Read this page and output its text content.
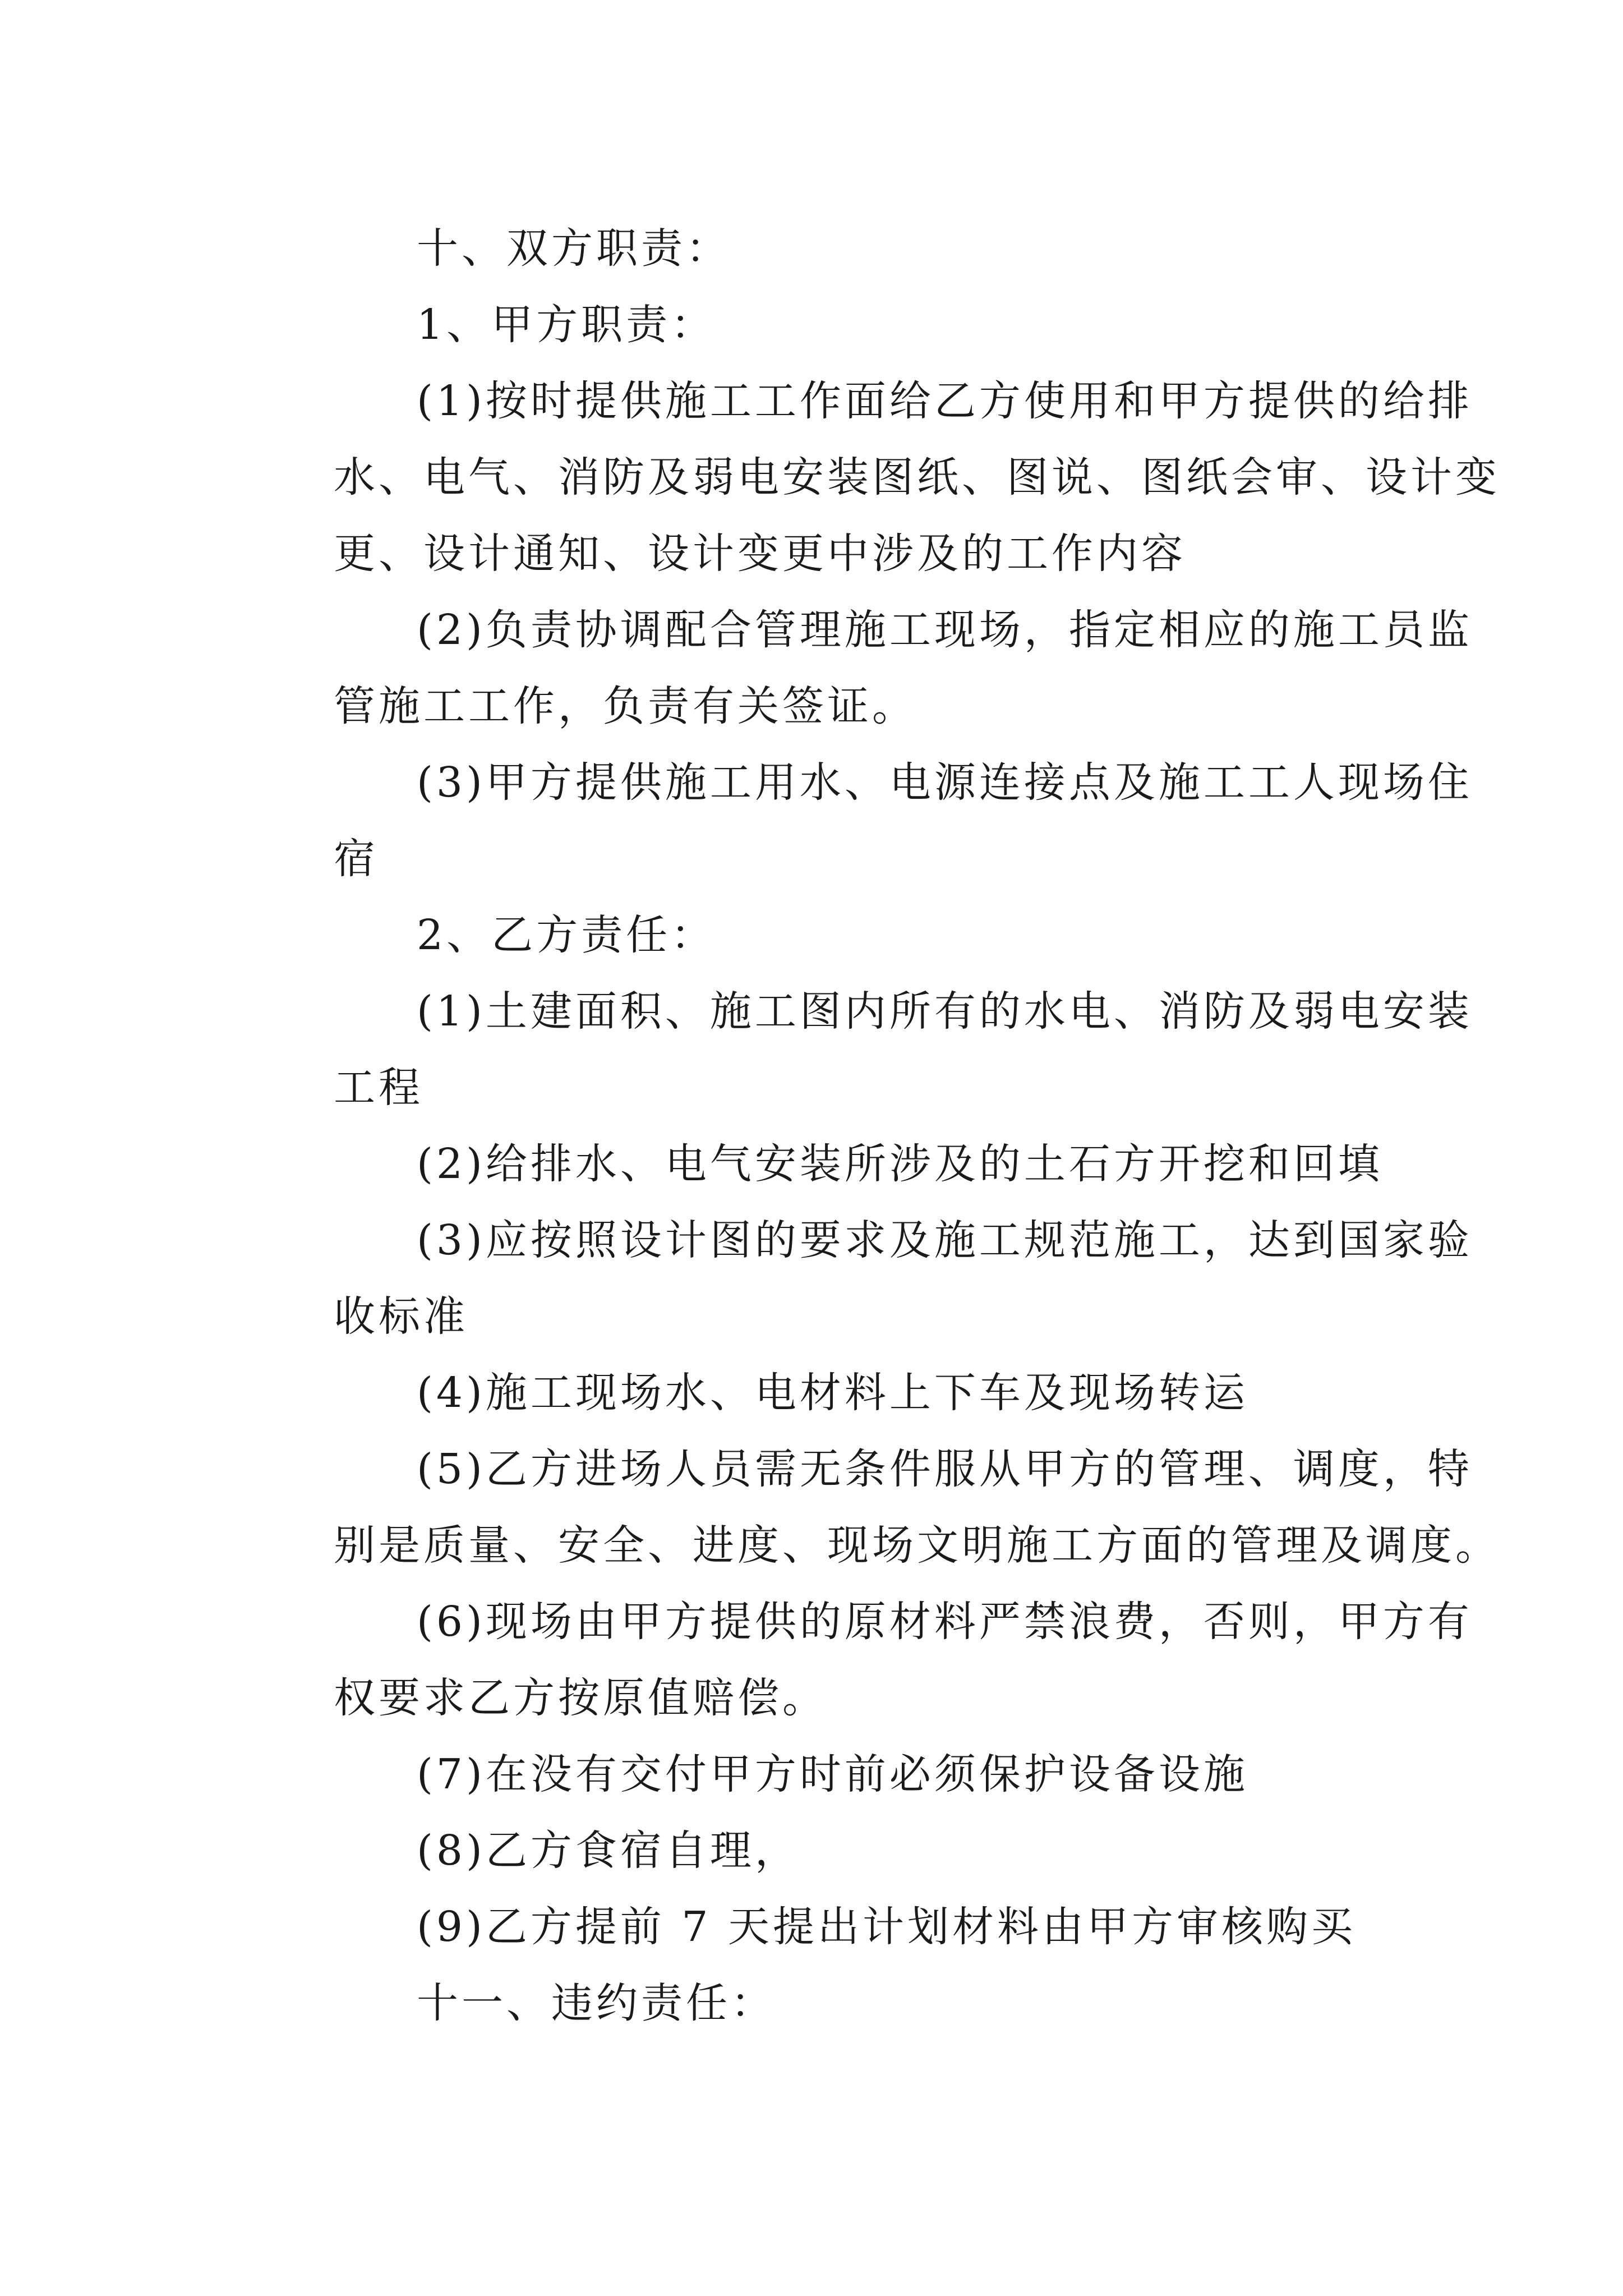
十、双方职责：
1、甲方职责：
(1)按时提供施工工作面给乙方使用和甲方提供的给排
水、电气、消防及弱电安装图纸、图说、图纸会审、设计变
更、设计通知、设计变更中涉及的工作内容
(2)负责协调配合管理施工现场，指定相应的施工员监
管施工工作，负责有关签证。
(3)甲方提供施工用水、电源连接点及施工工人现场住
宿
2、乙方责任：
(1)土建面积、施工图内所有的水电、消防及弱电安装
工程
(2)给排水、电气安装所涉及的土石方开挖和回填
(3)应按照设计图的要求及施工规范施工，达到国家验
收标准
(4)施工现场水、电材料上下车及现场转运
(5)乙方进场人员需无条件服从甲方的管理、调度，特
别是质量、安全、进度、现场文明施工方面的管理及调度。
(6)现场由甲方提供的原材料严禁浪费，否则，甲方有
权要求乙方按原值赔偿。
(7)在没有交付甲方时前必须保护设备设施
(8)乙方食宿自理，
(9)乙方提前 7 天提出计划材料由甲方审核购买
十一、违约责任：
